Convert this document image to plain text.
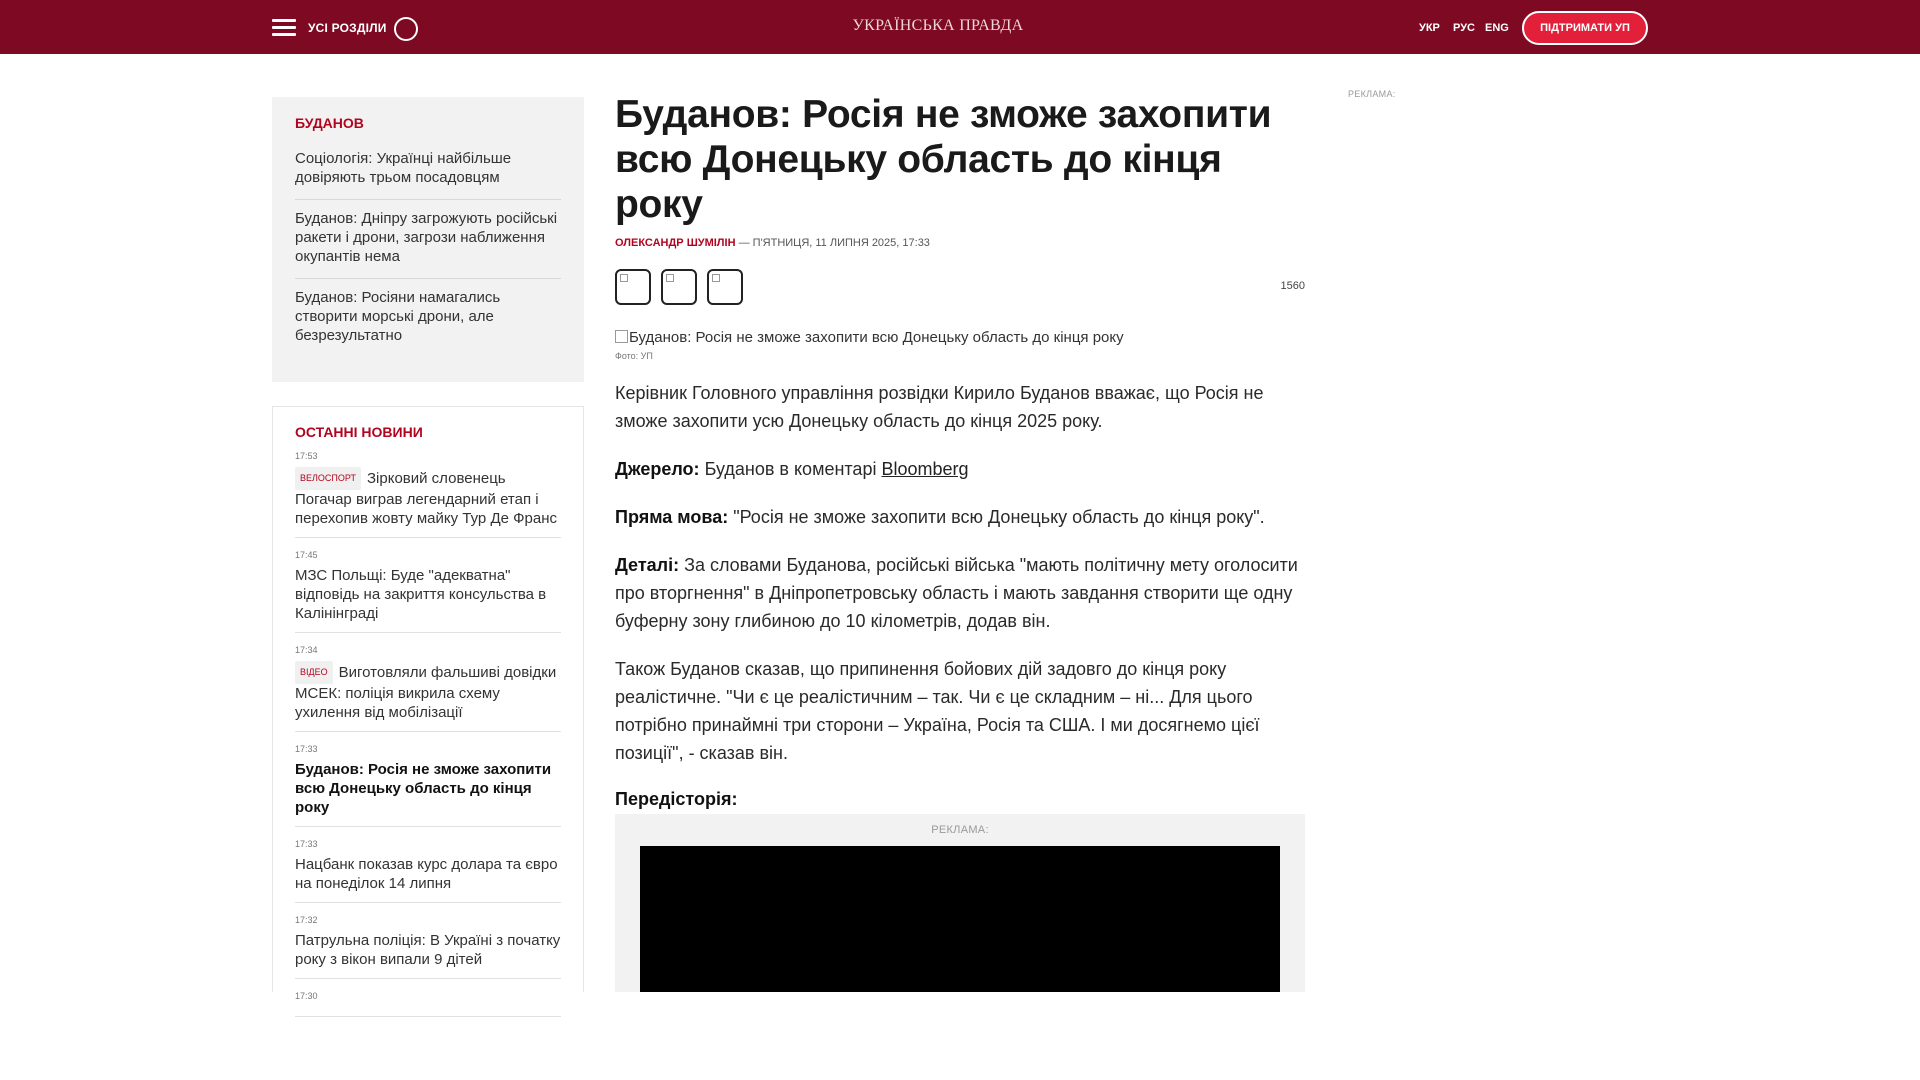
УСІ РОЗДІЛИ	УКРАЇНСЬКА ПРАВДА	УКР РУС ENG	ПІДТРИМАТИ УП
БУДАНОВ
Соціологія: Українці найбільше довіряють трьом посадовцям
Буданов: Дніпру загрожують російські ракети і дрони, загрози наближення окупантів нема
Буданов: Росіяни намагались створити морські дрони, але безрезультатно
ОСТАННІ НОВИНИ
17:53
ВЕЛОСПОРТ Зірковий словенець Погачар виграв легендарний етап і перехопив жовту майку Тур Де Франс
17:45
МЗС Польщі: Буде "адекватна" відповідь на закриття консульства в Калінінграді
17:34
ВІДЕО Виготовляли фальшиві довідки МСЕК: поліція викрила схему ухилення від мобілізації
17:33
Буданов: Росія не зможе захопити всю Донецьку область до кінця року
17:33
Нацбанк показав курс долара та євро на понеділок 14 липня
17:32
Патрульна поліція: В Україні з початку року з вікон випали 9 дітей
17:30
Буданов: Росія не зможе захопити всю Донецьку область до кінця року
ОЛЕКСАНДР ШУМІЛІН — П'ЯТНИЦЯ, 11 ЛИПНЯ 2025, 17:33
1560
Буданов: Росія не зможе захопити всю Донецьку область до кінця року
Фото: УП

Керівник Головного управління розвідки Кирило Буданов вважає, що Росія не зможе захопити усю Донецьку область до кінця 2025 року.

Джерело: Буданов в коментарі Bloomberg

Пряма мова: "Росія не зможе захопити всю Донецьку область до кінця року".

Деталі: За словами Буданова, російські війська "мають політичну мету оголосити про вторгнення" в Дніпропетровську область і мають завдання створити ще одну буферну зону глибиною до 10 кілометрів, додав він.

Також Буданов сказав, що припинення бойових дій задовго до кінця року реалістичне. "Чи є це реалістичним – так. Чи є це складним – ні... Для цього потрібно принаймні три сторони – Україна, Росія та США. І ми досягнемо цієї позиції", - сказав він.

Передісторія:
РЕКЛАМА:
РЕКЛАМА:
